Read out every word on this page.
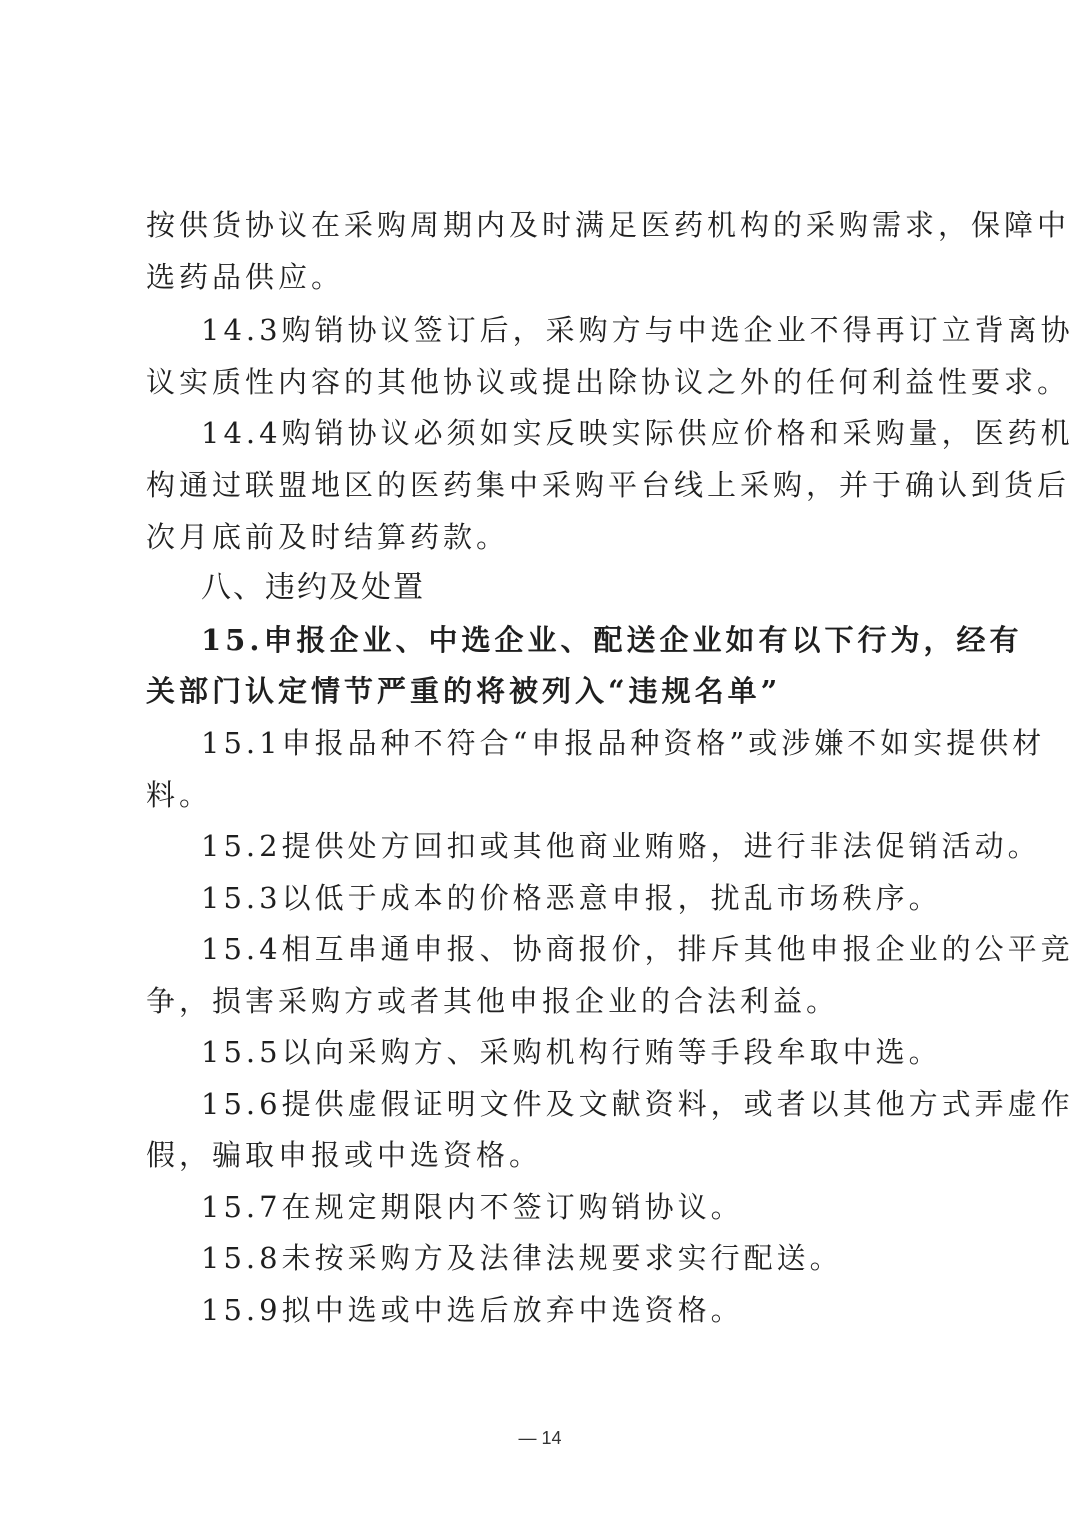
按供货协议在采购周期内及时满足医药机构的采购需求，保障中

选药品供应。

14.3购销协议签订后，采购方与中选企业不得再订立背离协

议实质性内容的其他协议或提出除协议之外的任何利益性要求。

14.4购销协议必须如实反映实际供应价格和采购量，医药机

构通过联盟地区的医药集中采购平台线上采购，并于确认到货后

次月底前及时结算药款。

八、违约及处置

15.申报企业、中选企业、配送企业如有以下行为，经有

关部门认定情节严重的将被列入“违规名单”

15.1申报品种不符合“申报品种资格”或涉嫌不如实提供材

料。

15.2提供处方回扣或其他商业贿赂，进行非法促销活动。

15.3以低于成本的价格恶意申报，扰乱市场秩序。

15.4相互串通申报、协商报价，排斥其他申报企业的公平竞

争，损害采购方或者其他申报企业的合法利益。

15.5以向采购方、采购机构行贿等手段牟取中选。

15.6提供虚假证明文件及文献资料，或者以其他方式弄虚作

假，骗取申报或中选资格。

15.7在规定期限内不签订购销协议。

15.8未按采购方及法律法规要求实行配送。

15.9拟中选或中选后放弃中选资格。

— 14
